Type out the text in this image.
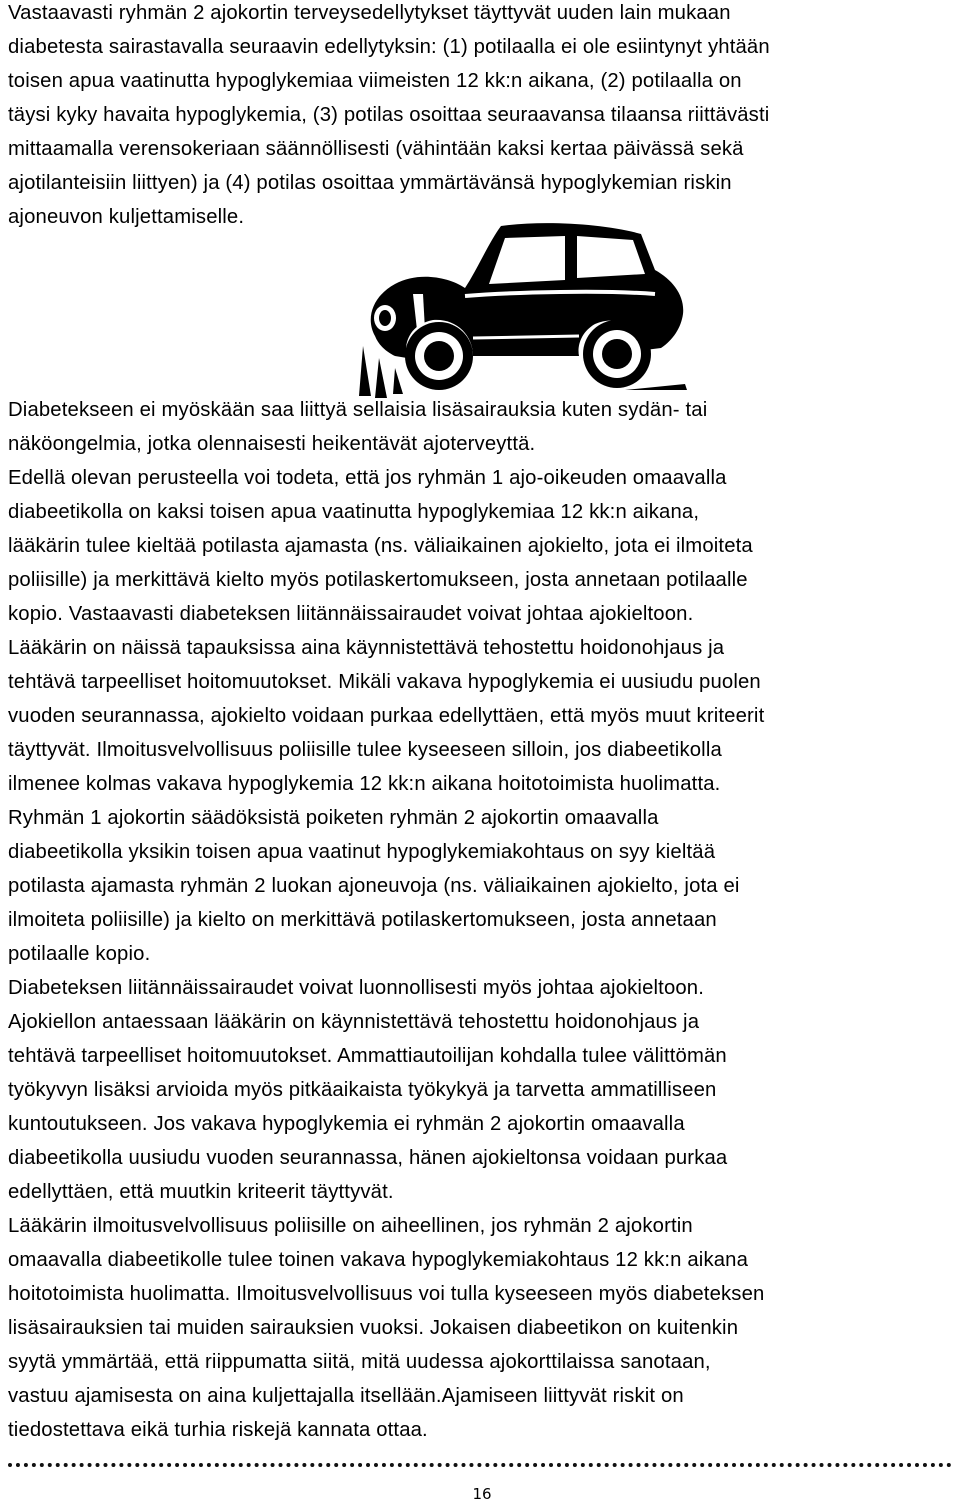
Vastaavasti ryhmän 2 ajokortin terveysedellytykset täyttyvät uuden lain mukaan

diabetesta sairastavalla seuraavin edellytyksin: (1) potilaalla ei ole esiintynyt yhtään

toisen apua vaatinutta hypoglykemiaa viimeisten 12 kk:n aikana, (2) potilaalla on

täysi kyky havaita hypoglykemia, (3) potilas osoittaa seuraavansa tilaansa riittävästi

mittaamalla verensokeriaan säännöllisesti (vähintään kaksi kertaa päivässä sekä

ajotilanteisiin liittyen) ja (4) potilas osoittaa ymmärtävänsä hypoglykemian riskin

ajoneuvon kuljettamiselle.

Diabetekseen ei myöskään saa liittyä sellaisia lisäsairauksia kuten sydän- tai

näköongelmia, jotka olennaisesti heikentävät ajoterveyttä.

Edellä olevan perusteella voi todeta, että jos ryhmän 1 ajo-oikeuden omaavalla

diabeetikolla on kaksi toisen apua vaatinutta hypoglykemiaa 12 kk:n aikana,

lääkärin tulee kieltää potilasta ajamasta (ns. väliaikainen ajokielto, jota ei ilmoiteta

poliisille) ja merkittävä kielto myös potilaskertomukseen, josta annetaan potilaalle

kopio. Vastaavasti diabeteksen liitännäissairaudet voivat johtaa ajokieltoon.

Lääkärin on näissä tapauksissa aina käynnistettävä tehostettu hoidonohjaus ja

tehtävä tarpeelliset hoitomuutokset. Mikäli vakava hypoglykemia ei uusiudu puolen

vuoden seurannassa, ajokielto voidaan purkaa edellyttäen, että myös muut kriteerit

täyttyvät. Ilmoitusvelvollisuus poliisille tulee kyseeseen silloin, jos diabeetikolla

ilmenee kolmas vakava hypoglykemia 12 kk:n aikana hoitotoimista huolimatta.

Ryhmän 1 ajokortin säädöksistä poiketen ryhmän 2 ajokortin omaavalla

diabeetikolla yksikin toisen apua vaatinut hypoglykemiakohtaus on syy kieltää

potilasta ajamasta ryhmän 2 luokan ajoneuvoja (ns. väliaikainen ajokielto, jota ei

ilmoiteta poliisille) ja kielto on merkittävä potilaskertomukseen, josta annetaan

potilaalle kopio.

Diabeteksen liitännäissairaudet voivat luonnollisesti myös johtaa ajokieltoon.

Ajokiellon antaessaan lääkärin on käynnistettävä tehostettu hoidonohjaus ja

tehtävä tarpeelliset hoitomuutokset. Ammattiautoilijan kohdalla tulee välittömän

työkyvyn lisäksi arvioida myös pitkäaikaista työkykyä ja tarvetta ammatilliseen

kuntoutukseen. Jos vakava hypoglykemia ei ryhmän 2 ajokortin omaavalla

diabeetikolla uusiudu vuoden seurannassa, hänen ajokieltonsa voidaan purkaa

edellyttäen, että muutkin kriteerit täyttyvät.

Lääkärin ilmoitusvelvollisuus poliisille on aiheellinen, jos ryhmän 2 ajokortin

omaavalla diabeetikolle tulee toinen vakava hypoglykemiakohtaus 12 kk:n aikana

hoitotoimista huolimatta. Ilmoitusvelvollisuus voi tulla kyseeseen myös diabeteksen

lisäsairauksien tai muiden sairauksien vuoksi. Jokaisen diabeetikon on kuitenkin

syytä ymmärtää, että riippumatta siitä, mitä uudessa ajokorttilaissa sanotaan,

vastuu ajamisesta on aina kuljettajalla itsellään.Ajamiseen liittyvät riskit on

tiedostettava eikä turhia riskejä kannata ottaa.

16
